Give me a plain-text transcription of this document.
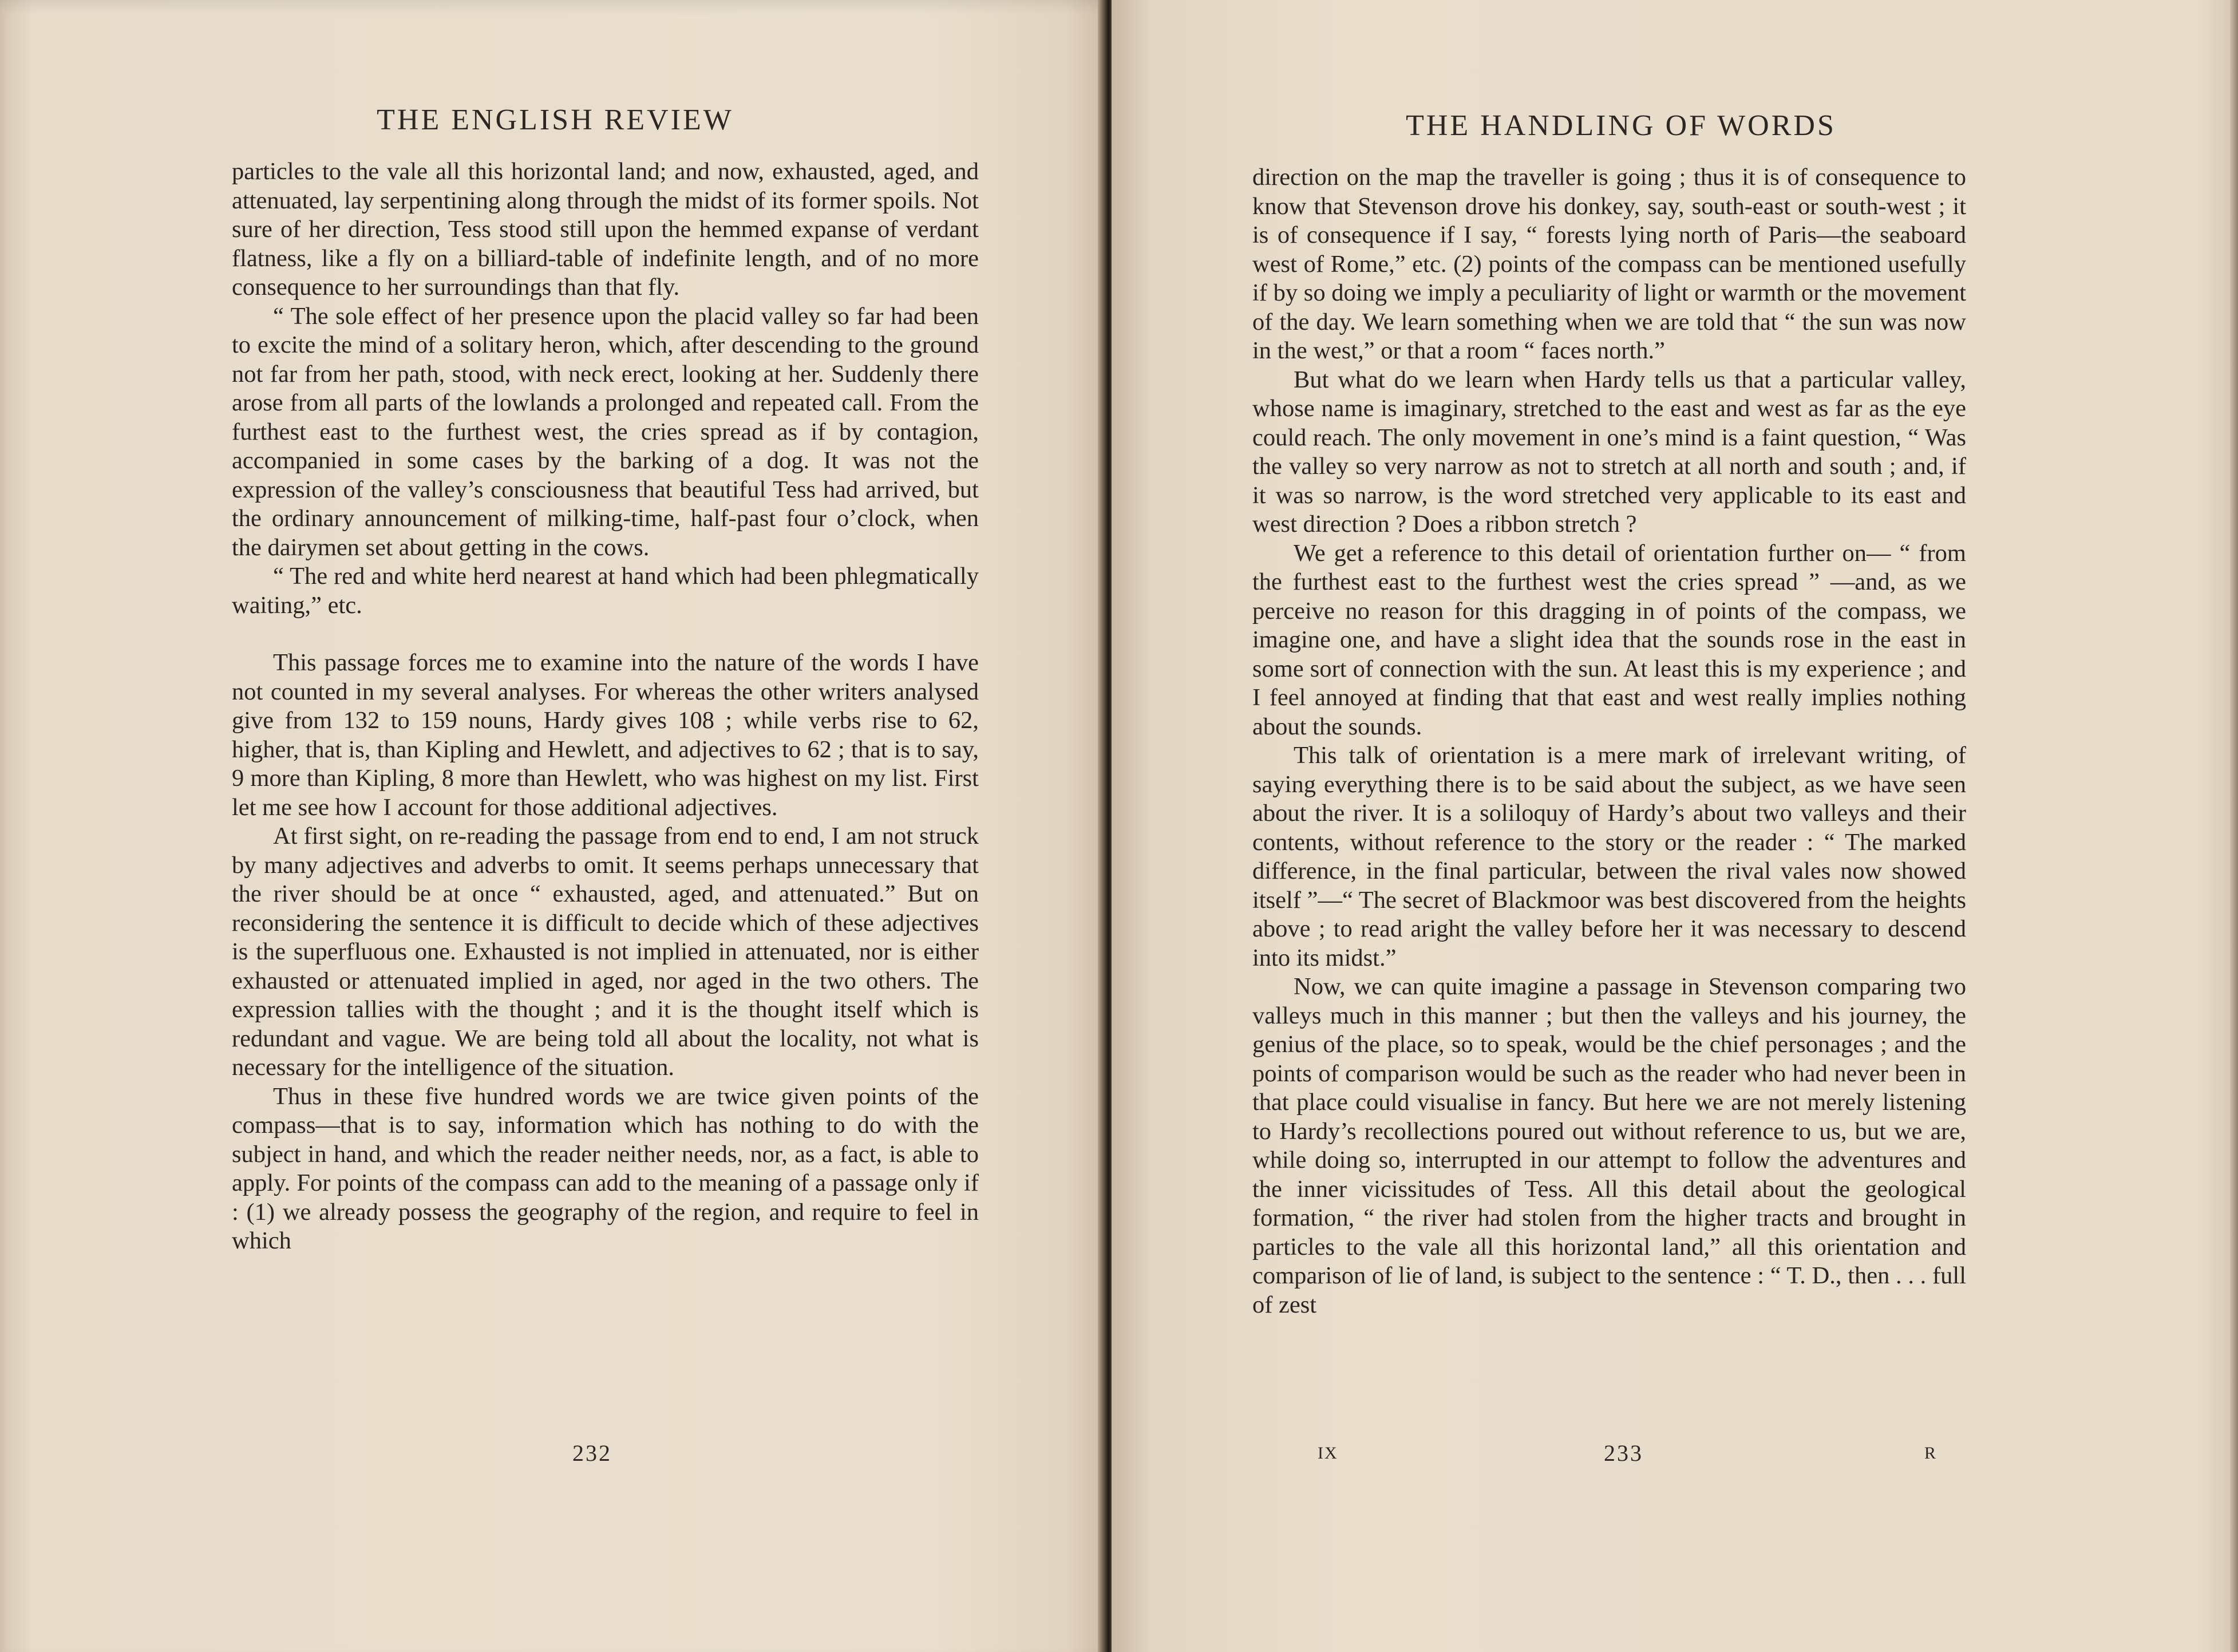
THE ENGLISH REVIEW

particles to the vale all this horizontal land; and now, exhausted, aged, and attenuated, lay serpentining along through the midst of its former spoils. Not sure of her direction, Tess stood still upon the hemmed expanse of verdant flatness, like a fly on a billiard-table of indefinite length, and of no more consequence to her surroundings than that fly.

“ The sole effect of her presence upon the placid valley so far had been to excite the mind of a solitary heron, which, after descending to the ground not far from her path, stood, with neck erect, looking at her. Suddenly there arose from all parts of the lowlands a prolonged and repeated call. From the furthest east to the furthest west, the cries spread as if by contagion, accompanied in some cases by the barking of a dog. It was not the expression of the valley’s consciousness that beautiful Tess had arrived, but the ordinary announcement of milking-time, half-past four o’clock, when the dairymen set about getting in the cows.

“ The red and white herd nearest at hand which had been phlegmatically waiting,” etc.

This passage forces me to examine into the nature of the words I have not counted in my several analyses. For whereas the other writers analysed give from 132 to 159 nouns, Hardy gives 108 ; while verbs rise to 62, higher, that is, than Kipling and Hewlett, and adjectives to 62 ; that is to say, 9 more than Kipling, 8 more than Hewlett, who was highest on my list. First let me see how I account for those additional adjectives.

At first sight, on re-reading the passage from end to end, I am not struck by many adjectives and adverbs to omit. It seems perhaps unnecessary that the river should be at once “ exhausted, aged, and attenuated.” But on reconsidering the sentence it is difficult to decide which of these adjectives is the superfluous one. Exhausted is not implied in attenuated, nor is either exhausted or attenuated implied in aged, nor aged in the two others. The expression tallies with the thought ; and it is the thought itself which is redundant and vague. We are being told all about the locality, not what is necessary for the intelligence of the situation.

Thus in these five hundred words we are twice given points of the compass—that is to say, information which has nothing to do with the subject in hand, and which the reader neither needs, nor, as a fact, is able to apply. For points of the compass can add to the meaning of a passage only if : (1) we already possess the geography of the region, and require to feel in which

232
THE HANDLING OF WORDS

direction on the map the traveller is going ; thus it is of consequence to know that Stevenson drove his donkey, say, south-east or south-west ; it is of consequence if I say, “ forests lying north of Paris—the seaboard west of Rome,” etc. (2) points of the compass can be mentioned usefully if by so doing we imply a peculiarity of light or warmth or the movement of the day. We learn something when we are told that “ the sun was now in the west,” or that a room “ faces north.”

But what do we learn when Hardy tells us that a particular valley, whose name is imaginary, stretched to the east and west as far as the eye could reach. The only movement in one’s mind is a faint question, “ Was the valley so very narrow as not to stretch at all north and south ; and, if it was so narrow, is the word stretched very applicable to its east and west direction ? Does a ribbon stretch ?

We get a reference to this detail of orientation further on— “ from the furthest east to the furthest west the cries spread ” —and, as we perceive no reason for this dragging in of points of the compass, we imagine one, and have a slight idea that the sounds rose in the east in some sort of connection with the sun. At least this is my experience ; and I feel annoyed at finding that that east and west really implies nothing about the sounds.

This talk of orientation is a mere mark of irrelevant writing, of saying everything there is to be said about the subject, as we have seen about the river. It is a soliloquy of Hardy’s about two valleys and their contents, without reference to the story or the reader : “ The marked difference, in the final particular, between the rival vales now showed itself ”—“ The secret of Blackmoor was best discovered from the heights above ; to read aright the valley before her it was necessary to descend into its midst.”

Now, we can quite imagine a passage in Stevenson comparing two valleys much in this manner ; but then the valleys and his journey, the genius of the place, so to speak, would be the chief personages ; and the points of comparison would be such as the reader who had never been in that place could visualise in fancy. But here we are not merely listening to Hardy’s recollections poured out without reference to us, but we are, while doing so, interrupted in our attempt to follow the adventures and the inner vicissitudes of Tess. All this detail about the geological formation, “ the river had stolen from the higher tracts and brought in particles to the vale all this horizontal land,” all this orientation and comparison of lie of land, is subject to the sentence : “ T. D., then . . . full of zest

IX	233	R
